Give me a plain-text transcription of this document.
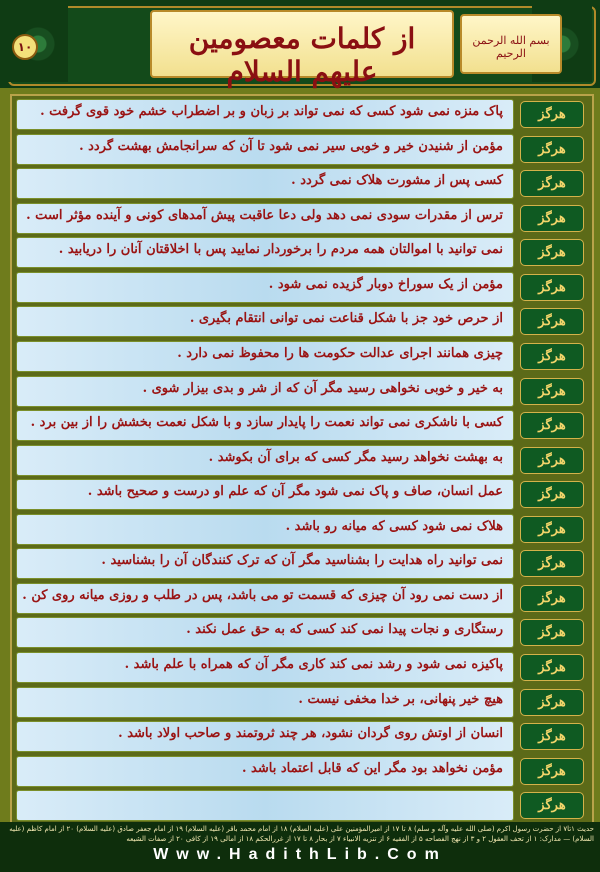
۱۰	از کلمات معصومین علیهم السلام
بسم الله الرحمن الرحیم
پاک منزه نمی شود کسی که نمی تواند بر زبان و بر اضطراب خشم خود قوی گرفت .	هرگز
مؤمن از شنیدن خیر و خوبی سیر نمی شود تا آن که سرانجامش بهشت گردد .	هرگز
کسی پس از مشورت هلاک نمی گردد .	هرگز
ترس از مقدرات سودی نمی دهد ولی دعا عاقبت پیش آمدهای کونی و آینده مؤثر است .	هرگز
نمی توانید با اموالتان همه مردم را برخوردار نمایید پس با اخلاقتان آنان را دریابید .	هرگز
مؤمن از یک سوراخ دوبار گزیده نمی شود .	هرگز
از حرص خود جز با شکل قناعت نمی توانی انتقام بگیری .	هرگز
چیزی همانند اجرای عدالت حکومت ها را محفوظ نمی دارد .	هرگز
به خیر و خوبی نخواهی رسید مگر آن که از شر و بدی بیزار شوی .	هرگز
کسی با ناشکری نمی تواند نعمت را پایدار سازد و با شکل نعمت بخشش را از بین برد .	هرگز
به بهشت نخواهد رسید مگر کسی که برای آن بکوشد .	هرگز
عمل انسان، صاف و پاک نمی شود مگر آن که علم او درست و صحیح باشد .	هرگز
هلاک نمی شود کسی که میانه رو باشد .	هرگز
نمی توانید راه هدایت را بشناسید مگر آن که ترک کنندگان آن را بشناسید .	هرگز
از دست نمی رود آن چیزی که قسمت تو می باشد، پس در طلب و روزی میانه روی کن .	هرگز
رستگاری و نجات پیدا نمی کند کسی که به حق عمل نکند .	هرگز
پاکیزه نمی شود و رشد نمی کند کاری مگر آن که همراه با علم باشد .	هرگز
هیچ خیر پنهانی، بر خدا مخفی نیست .	هرگز
انسان از اوتش روی گردان نشود، هر چند ثروتمند و صاحب اولاد باشد .	هرگز
مؤمن نخواهد بود مگر این که قابل اعتماد باشد .	هرگز
هرگز
حدیث ۱تا۷ از حضرت رسول اکرم (صلی الله علیه وآله و سلم) ۸ تا ۱۷ از امیرالمؤمنین علی (علیه السلام) ۱۸ از امام محمد باقر (علیه السلام) ۱۹ از امام جعفر صادق (علیه السلام) ۲۰ از امام کاظم (علیه السلام) — مدارک: ۱ از تحف العقول ۲ و ۳ از نهج الفصاحه ۵ از الفقیه ۶ از تنزیه الانبیاء ۷ از بحار ۸ تا ۱۷ از غررالحکم ۱۸ از امالی ۱۹ از کافی ۲۰ از صفات الشیعه
Www.HadithLib.Com
